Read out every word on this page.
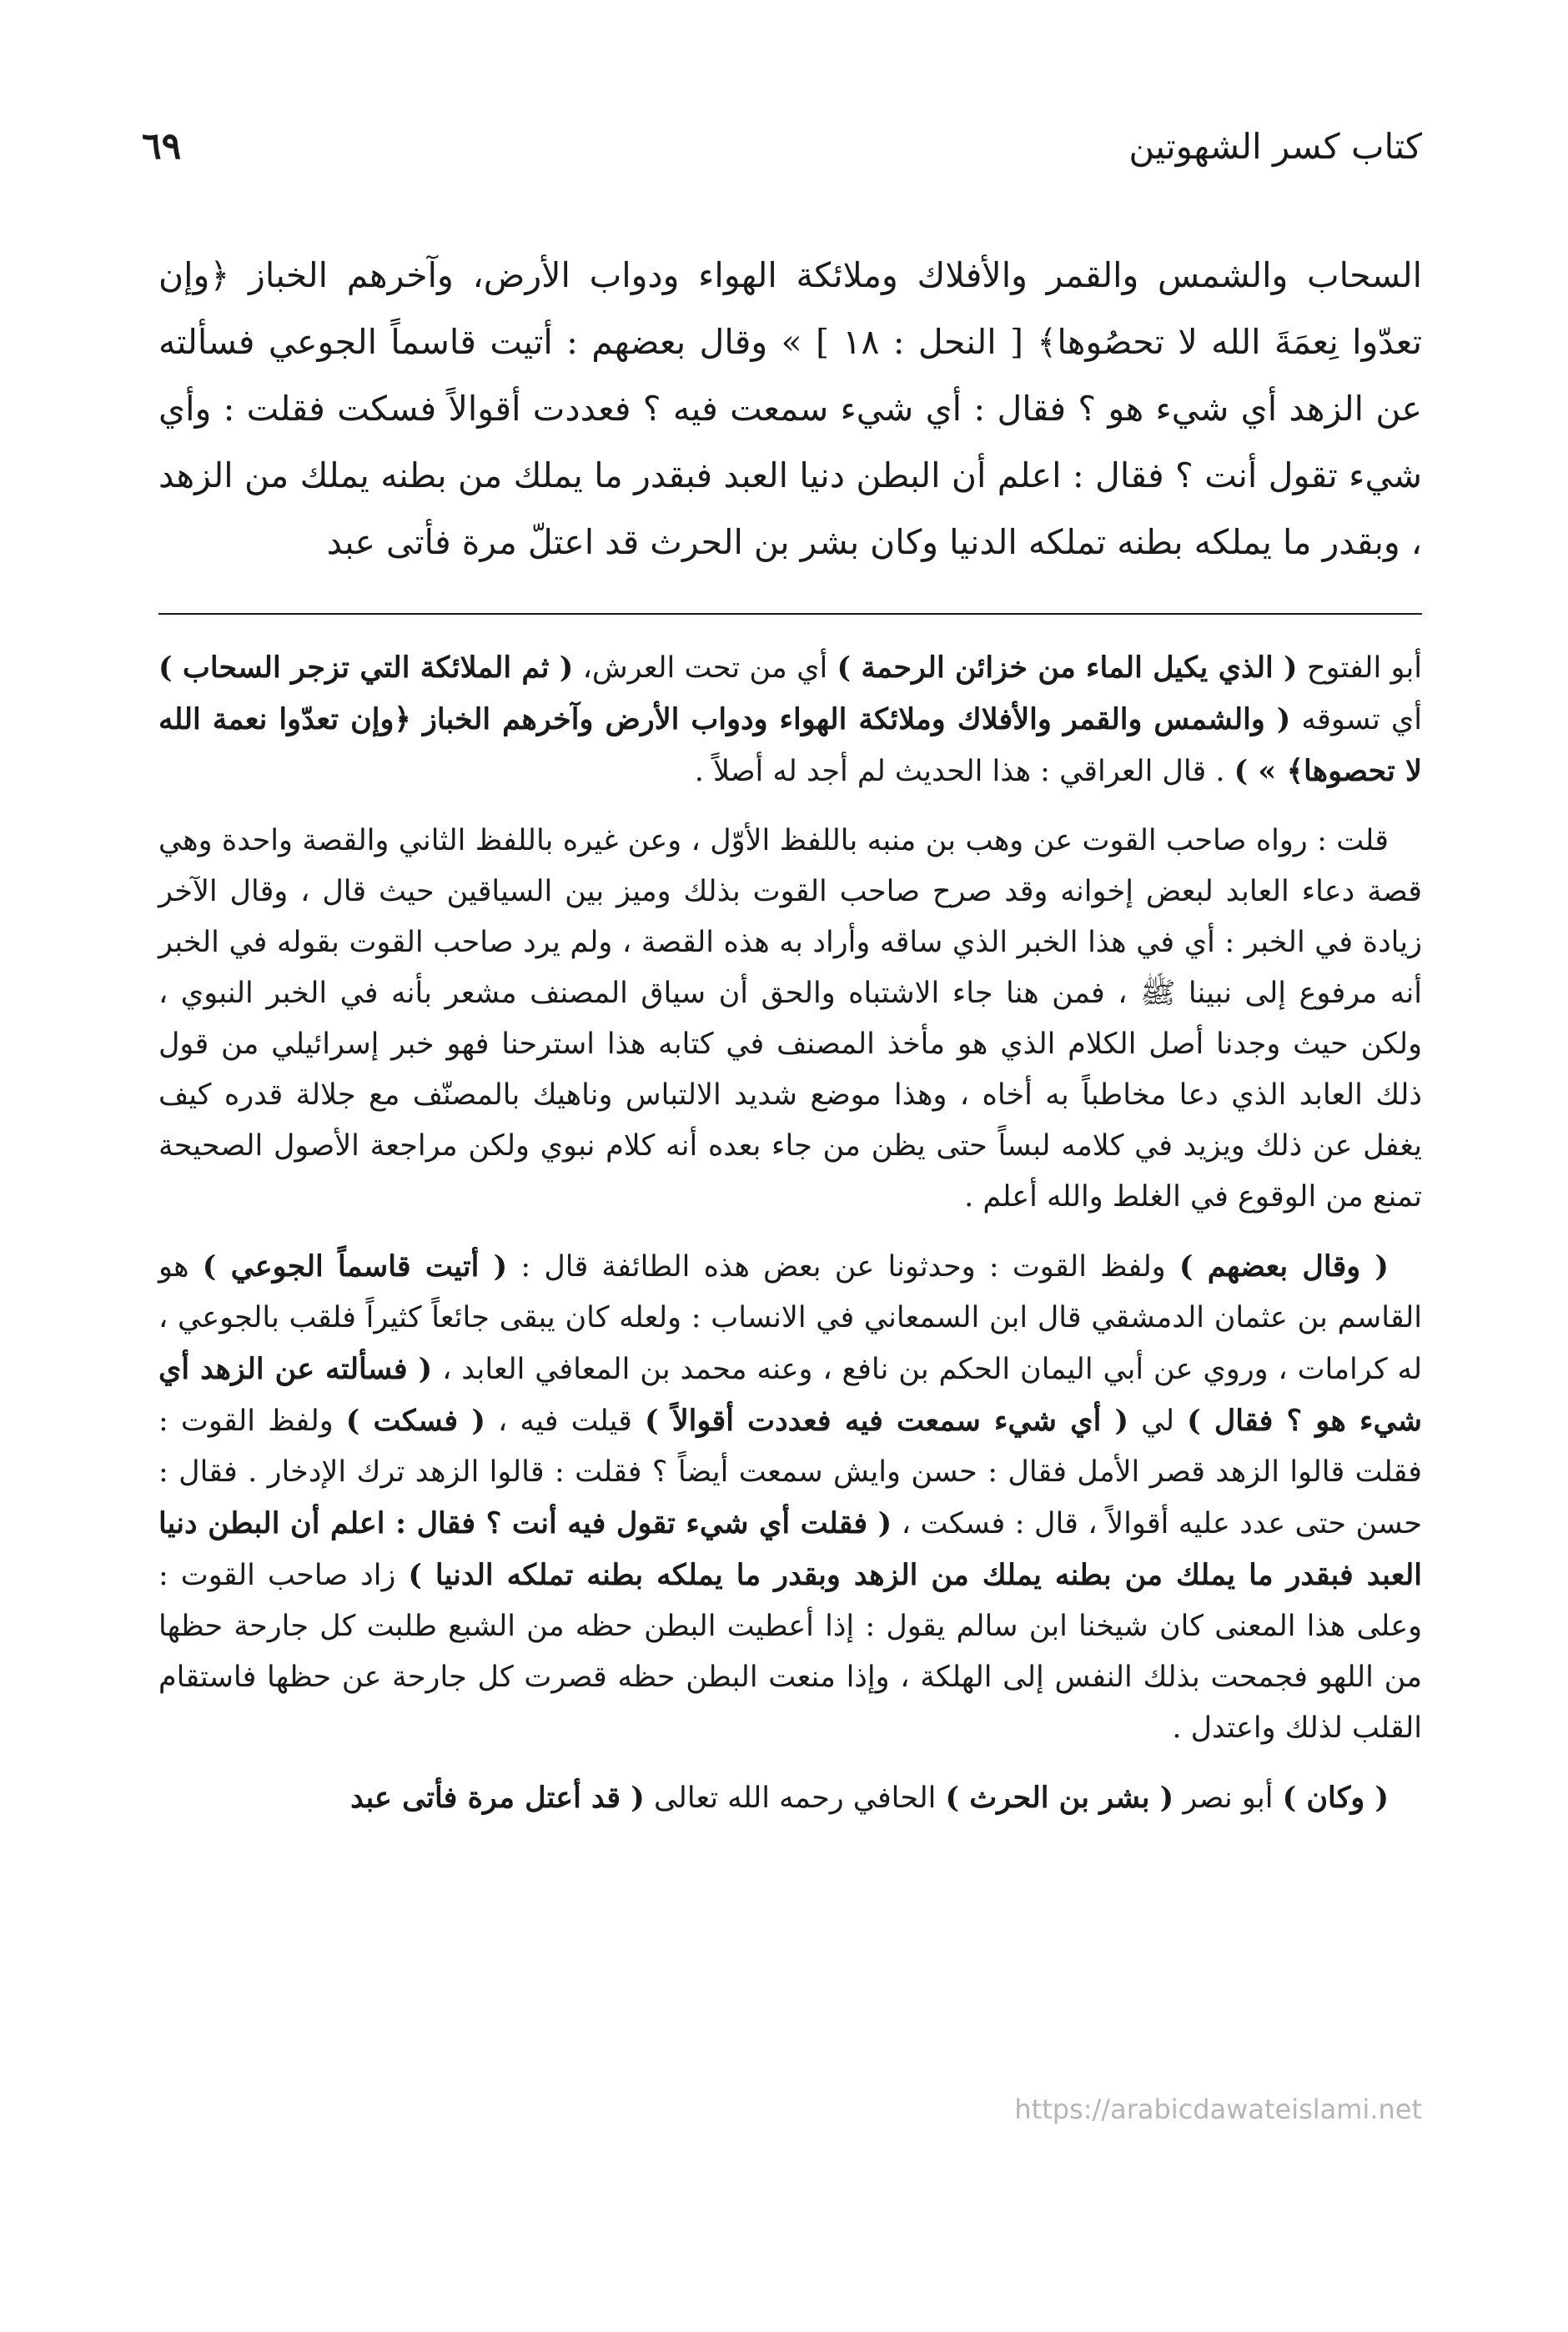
كتاب كسر الشهوتين
٦٩

السحاب والشمس والقمر والأفلاك وملائكة الهواء ودواب الأرض، وآخرهم الخباز ﴿وإن تعدّوا نِعمَةَ الله لا تحصُوها﴾ [ النحل : ١٨ ] » وقال بعضهم : أتيت قاسماً الجوعي فسألته عن الزهد أي شيء هو ؟ فقال : أي شيء سمعت فيه ؟ فعددت أقوالاً فسكت فقلت : وأي شيء تقول أنت ؟ فقال : اعلم أن البطن دنيا العبد فبقدر ما يملك من بطنه يملك من الزهد ، وبقدر ما يملكه بطنه تملكه الدنيا وكان بشر بن الحرث قد اعتلّ مرة فأتى عبد

أبو الفتوح ( الذي يكيل الماء من خزائن الرحمة ) أي من تحت العرش، ( ثم الملائكة التي تزجر السحاب ) أي تسوقه ( والشمس والقمر والأفلاك وملائكة الهواء ودواب الأرض وآخرهم الخباز ﴿وإن تعدّوا نعمة الله لا تحصوها﴾ » ) . قال العراقي : هذا الحديث لم أجد له أصلاً .

قلت : رواه صاحب القوت عن وهب بن منبه باللفظ الأوّل ، وعن غيره باللفظ الثاني والقصة واحدة وهي قصة دعاء العابد لبعض إخوانه وقد صرح صاحب القوت بذلك وميز بين السياقين حيث قال ، وقال الآخر زيادة في الخبر : أي في هذا الخبر الذي ساقه وأراد به هذه القصة ، ولم يرد صاحب القوت بقوله في الخبر أنه مرفوع إلى نبينا ﷺ ، فمن هنا جاء الاشتباه والحق أن سياق المصنف مشعر بأنه في الخبر النبوي ، ولكن حيث وجدنا أصل الكلام الذي هو مأخذ المصنف في كتابه هذا استرحنا فهو خبر إسرائيلي من قول ذلك العابد الذي دعا مخاطباً به أخاه ، وهذا موضع شديد الالتباس وناهيك بالمصنّف مع جلالة قدره كيف يغفل عن ذلك ويزيد في كلامه لبساً حتى يظن من جاء بعده أنه كلام نبوي ولكن مراجعة الأصول الصحيحة تمنع من الوقوع في الغلط والله أعلم .

( وقال بعضهم ) ولفظ القوت : وحدثونا عن بعض هذه الطائفة قال : ( أتيت قاسماً الجوعي ) هو القاسم بن عثمان الدمشقي قال ابن السمعاني في الانساب : ولعله كان يبقى جائعاً كثيراً فلقب بالجوعي ، له كرامات ، وروي عن أبي اليمان الحكم بن نافع ، وعنه محمد بن المعافي العابد ، ( فسألته عن الزهد أي شيء هو ؟ فقال ) لي ( أي شيء سمعت فيه فعددت أقوالاً ) قيلت فيه ، ( فسكت ) ولفظ القوت : فقلت قالوا الزهد قصر الأمل فقال : حسن وايش سمعت أيضاً ؟ فقلت : قالوا الزهد ترك الإدخار . فقال : حسن حتى عدد عليه أقوالاً ، قال : فسكت ، ( فقلت أي شيء تقول فيه أنت ؟ فقال : اعلم أن البطن دنيا العبد فبقدر ما يملك من بطنه يملك من الزهد وبقدر ما يملكه بطنه تملكه الدنيا ) زاد صاحب القوت : وعلى هذا المعنى كان شيخنا ابن سالم يقول : إذا أعطيت البطن حظه من الشبع طلبت كل جارحة حظها من اللهو فجمحت بذلك النفس إلى الهلكة ، وإذا منعت البطن حظه قصرت كل جارحة عن حظها فاستقام القلب لذلك واعتدل .

( وكان ) أبو نصر ( بشر بن الحرث ) الحافي رحمه الله تعالى ( قد أعتل مرة فأتى عبد

https://arabicdawateislami.net
